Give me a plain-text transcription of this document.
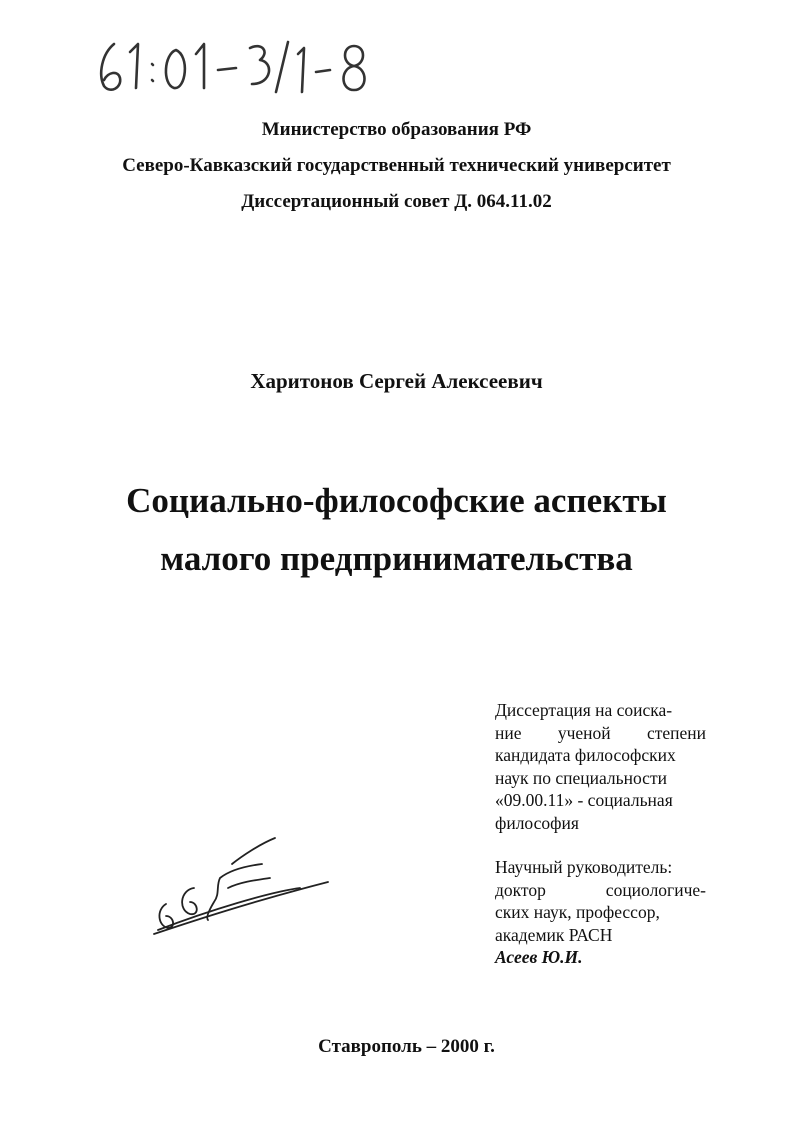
Министерство образования РФ
Северо-Кавказский государственный технический университет
Диссертационный совет Д. 064.11.02
Харитонов Сергей Алексеевич
Социально-философские аспекты
малого предпринимательства
Диссертация на соиска-
ние ученой степени
кандидата философских
наук по специальности
«09.00.11» - социальная
философия
Научный руководитель:
доктор	социологиче-
ских наук, профессор,
академик РАСН
Асеев Ю.И.
Ставрополь – 2000 г.
